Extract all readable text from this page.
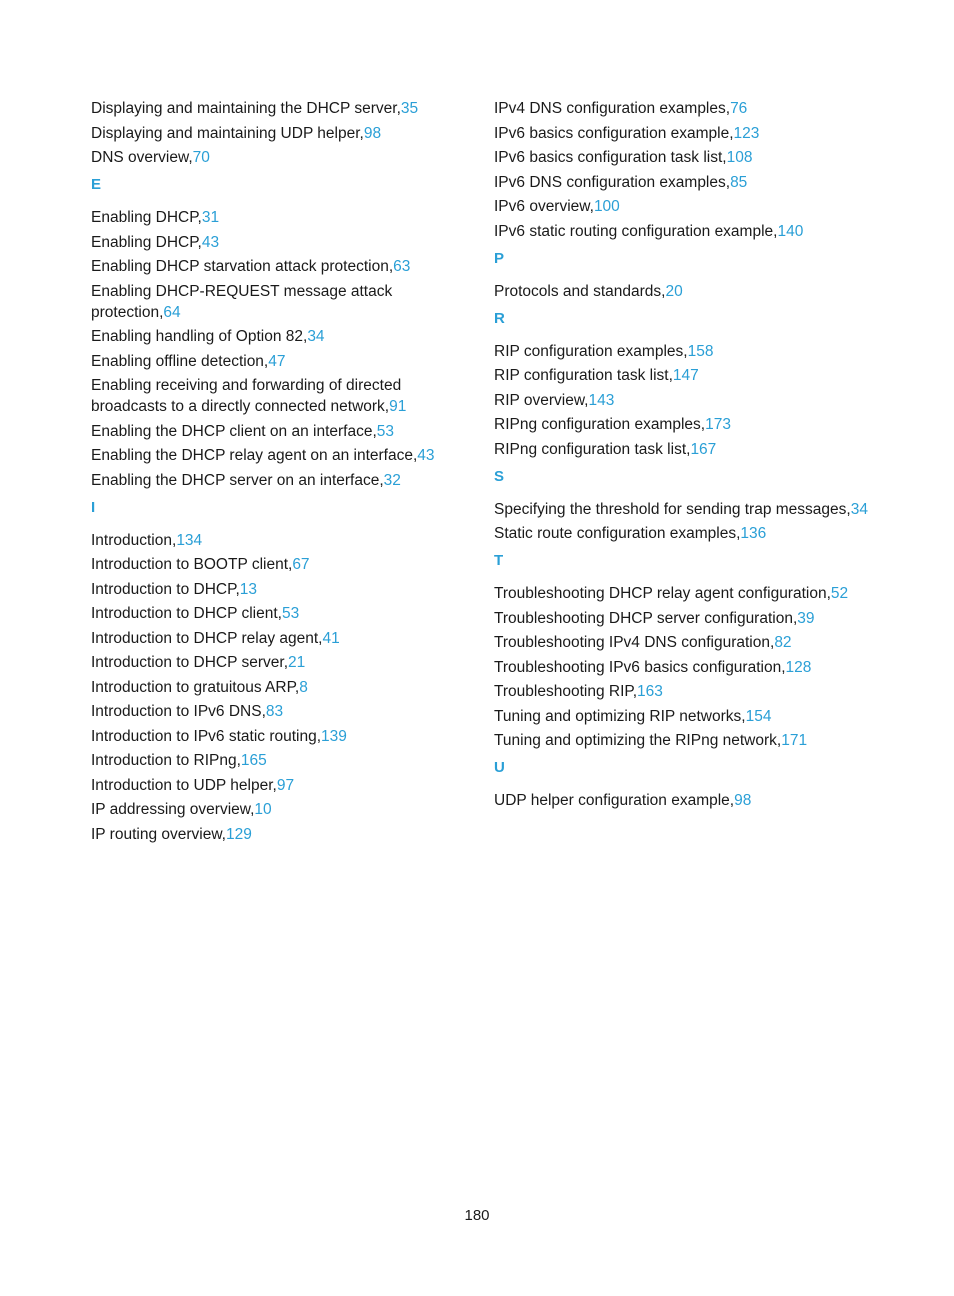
Displaying and maintaining the DHCP server,35
Displaying and maintaining UDP helper,98
DNS overview,70
E
Enabling DHCP,31
Enabling DHCP,43
Enabling DHCP starvation attack protection,63
Enabling DHCP-REQUEST message attack protection,64
Enabling handling of Option 82,34
Enabling offline detection,47
Enabling receiving and forwarding of directed broadcasts to a directly connected network,91
Enabling the DHCP client on an interface,53
Enabling the DHCP relay agent on an interface,43
Enabling the DHCP server on an interface,32
I
Introduction,134
Introduction to BOOTP client,67
Introduction to DHCP,13
Introduction to DHCP client,53
Introduction to DHCP relay agent,41
Introduction to DHCP server,21
Introduction to gratuitous ARP,8
Introduction to IPv6 DNS,83
Introduction to IPv6 static routing,139
Introduction to RIPng,165
Introduction to UDP helper,97
IP addressing overview,10
IP routing overview,129
IPv4 DNS configuration examples,76
IPv6 basics configuration example,123
IPv6 basics configuration task list,108
IPv6 DNS configuration examples,85
IPv6 overview,100
IPv6 static routing configuration example,140
P
Protocols and standards,20
R
RIP configuration examples,158
RIP configuration task list,147
RIP overview,143
RIPng configuration examples,173
RIPng configuration task list,167
S
Specifying the threshold for sending trap messages,34
Static route configuration examples,136
T
Troubleshooting DHCP relay agent configuration,52
Troubleshooting DHCP server configuration,39
Troubleshooting IPv4 DNS configuration,82
Troubleshooting IPv6 basics configuration,128
Troubleshooting RIP,163
Tuning and optimizing RIP networks,154
Tuning and optimizing the RIPng network,171
U
UDP helper configuration example,98
180
